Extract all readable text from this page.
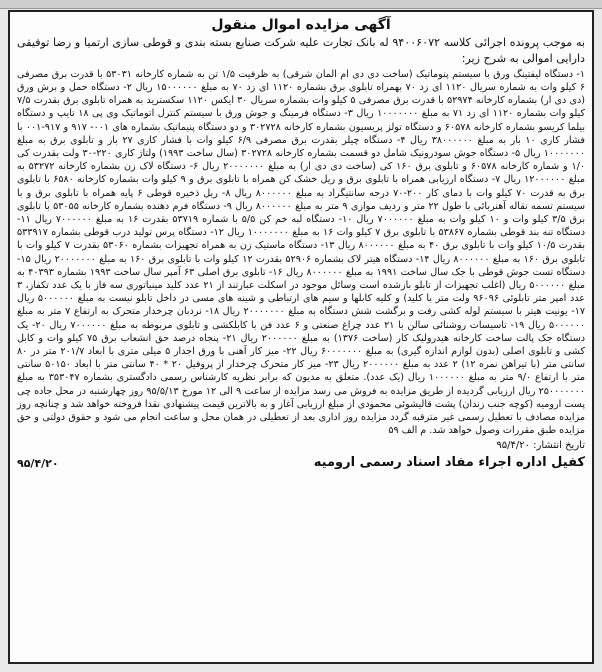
آگهی مزایده اموال منقول

به موجب پرونده اجرائی کلاسه ۹۴۰۰۶۰۷۲ له بانک تجارت علیه شرکت صنایع بسته بندی و قوطی سازی ارتمیا و رضا توفیقی دارایی اموالی به شرح زیر:

۱- دستگاه لیفتینگ ورق با سیستم پنوماتیک (ساخت دی دی ام المان شرقی) به ظرفیت ۱/۵ تن به شماره کارخانه ۵۳۰۳۱ با قدرت برق مصرفی ۶ کیلو وات به شماره سریال ۱۱۲۰ ای زد ۷۰ بهمراه تابلوی برق بشماره ۱۱۲۰ ای زد ۷۰ به مبلغ ۱۵۰۰۰۰۰۰ ریال ۲- دستگاه حمل و برش ورق (دی دی ار) بشماره کارخانه ۵۲۹۷۴ با قدرت برق مصرفی ۵ کیلو وات بشماره سریال ۳۰ ایکس ۱۱۲۰ سکسترید به همراه تابلوی برق بقدرت ۷/۵ کیلو وات بشماره ۱۱۲۰ ای زد ۷۱ به مبلغ ۱۰۰۰۰۰۰۰ ریال ۳- دستگاه فرمینگ و جوش ورق با سیستم کنترل اتوماتیک وی پی ۱۸ تایپ و دستگاه بیلما کریسو بشماره کارخانه ۶۰۵۷۸ و دستگاه تولز پریسیون بشماره کارخانه ۳۰۲۷۲۸ و دو دستگاه پنیماتیک بشماره های ۰۰۱- ۹۱۷ و ۹۱۷-۰۰۱ با فشار کاری ۱۰ بار به مبلغ ۳۸۰۰۰۰۰۰ ریال ۴- دستگاه چیلر بقدرت برق مصرفی ۶/۹ کیلو وات با فشار کاری ۲۷ بار و تابلوی برق به مبلغ ۱۰۰۰۰۰۰۰ ریال ۵- دستگاه جوش سودرونیک شامل دو قسمت بشماره کارخانه ۳۰۲۷۲۸ (سال ساخت ۱۹۹۳) ولتاژ کاری ۲۲۰-۳۰ ولت بقدرت کی ۱/۰ و شماره کارخانه ۶۰۵۷۸ و تابلوی برق ۱۶۰ کی (ساخت دی دی ار) به مبلغ ۲۰۰۰۰۰۰۰ ریال ۶- دستگاه لاک زن بشماره کارخانه ۵۳۲۷۲ به مبلغ ۱۲۰۰۰۰۰۰ ریال ۷- دستگاه ارزیابی همراه با تابلوی برق و ریل خشک کن همراه با تابلوی برق و ۹ کیلو وات بشماره کارخانه ۶۵۸۰ با تابلوی برق به قدرت ۷۰ کیلو وات با دمای کار ۲۰۰-۷۰ درجه سانتیگراد به مبلغ ۸۰۰۰۰۰۰ ریال ۸- ریل ذخیره قوطی ۶ پایه همراه با تابلوی برق و با سیستم تسمه نقاله آهنربائی با طول ۲۲ متر و ردیف موازی ۹ متر به مبلغ ۸۰۰۰۰۰۰ ریال ۹- دستگاه فرم دهنده بشماره کارخانه ۵۳۰۵۵ با تابلوی برق ۳/۵ کیلو وات و ۱۰ کیلو وات به مبلغ ۷۰۰۰۰۰۰ ریال ۱۰- دستگاه لبه خم کن ۵/۵ با شماره ۵۳۷۱۹ بقدرت ۱۶ به مبلغ ۷۰۰۰۰۰۰ ریال ۱۱- دستگاه تنه بند قوطی بشماره ۵۳۸۶۷ با تابلوی برق ۷ کیلو وات ۱۶ به مبلغ ۱۰۰۰۰۰۰۰ ریال ۱۲- دستگاه پرس تولید درب قوطی بشماره ۵۳۳۹۱۷ بقدرت ۱۰/۵ کیلو وات با تابلوی برق ۴۰ به مبلغ ۸۰۰۰۰۰۰ ریال ۱۳- دستگاه ماستیک زن به همراه تجهیزات بشماره ۵۳۰۶۰ بقدرت ۷ کیلو وات با تابلوی برق ۱۶۰ به مبلغ ۸۰۰۰۰۰۰ ریال ۱۴- دستگاه هیتر لاک بشماره ۵۲۹۰۶ بقدرت ۱۲ کیلو وات با تابلوی برق ۱۶۰ به مبلغ ۲۰۰۰۰۰۰۰ ریال ۱۵- دستگاه تست جوش قوطی با جک سال ساخت ۱۹۹۱ به مبلغ ۸۰۰۰۰۰۰ ریال ۱۶- تابلوی برق اصلی ۶۳ آمپر سال ساخت ۱۹۹۳ بشماره ۴۰۳۹۳ به مبلغ ۵۰۰۰۰۰۰ ریال (اغلب تجهیزات از تابلو بازشده است وسائل موجود در اسکلت عبارتند از ۲۱ عدد کلید مینیاتوری سه فاز با یک عدد تکفاز، ۳ عدد امپر متر تابلوئی ۹۶۰۹۶ ولت متر با کلید) و کلیه کابلها و سیم های ارتباطی و شینه های مسی در داخل تابلو نیست به مبلغ ۵۰۰۰۰۰۰ ریال ۱۷- یونیت هیتر با سیستم لوله کشی رفت و برگشت شش دستگاه به مبلغ ۲۰۰۰۰۰۰۰ ریال ۱۸- نردبان چرخدار متحرک به ارتفاع ۷ متر به مبلغ ۵۰۰۰۰۰۰ ریال ۱۹- تاسیسات روشنائی سالن با ۲۱ عدد چراغ صنعتی و ۶ عدد فن با کابلکشی و تابلوی مربوطه به مبلغ ۷۰۰۰۰۰۰ ریال ۲۰- یک دستگاه جک پالت ساخت کارخانه هیدرولیک کار (ساخت ۱۳۷۶) به مبلغ ۲۰۰۰۰۰۰ ریال ۲۱- پنجاه درصد حق انشعاب برق ۷۵ کیلو وات و کابل کشی و تابلوی اصلی (بدون لوازم اندازه گیری) به مبلغ ۶۰۰۰۰۰۰۰ ریال ۲۲- میز کار آهنی با ورق اجدار ۵ میلی متری با ابعاد ۲۰۱/۷ متر در ۸۰ سانتی متر (با تیراهن نمره ۱۲) ۲ عدد به مبلغ ۲۰۰۰۰۰۰ ریال ۲۳- میز کار متحرک چرخدار از پروفیل ۲۰ * ۴۰ سانتی متر با ابعاد ۵۰۱۵۰ سانتی متر با ارتفاع ۹/۰ متر به مبلغ ۱۰۰۰۰۰۰ ریال (یک عدد). متعلق به مدیون که برابر نظریه کارشناس رسمی دادگستری بشماره ۳۵۳۰۴۷ به مبلغ ۲۵۰۰۰۰۰۰۰ ریال ارزیابی گردیده از طریق مزایده به فروش می رسد مزایده از ساعت ۹ الی ۱۲ مورخ ۹۵/۵/۱۳ روز چهارشنبه در محل جاده چی پست ارومیه (کوچه جنب زندان) پشت قالیشوئی محمودی از مبلغ ارزیابی آغاز و به بالاترین قیمت پیشنهادی نقدا فروخته خواهد شد و چنانچه روز مزایده مصادف با تعطیل رسمی غیر مترقبه گردد مزایده روز اداری بعد از تعطیلی در همان محل و ساعت انجام می شود و حقوق دولتی و حق مزایده طبق مقررات وصول خواهد شد. م الف ۵۹

تاریخ انتشار: ۹۵/۴/۲۰
کفیل اداره اجراء مفاد اسناد رسمی ارومیه
۹۵/۴/۲۰
